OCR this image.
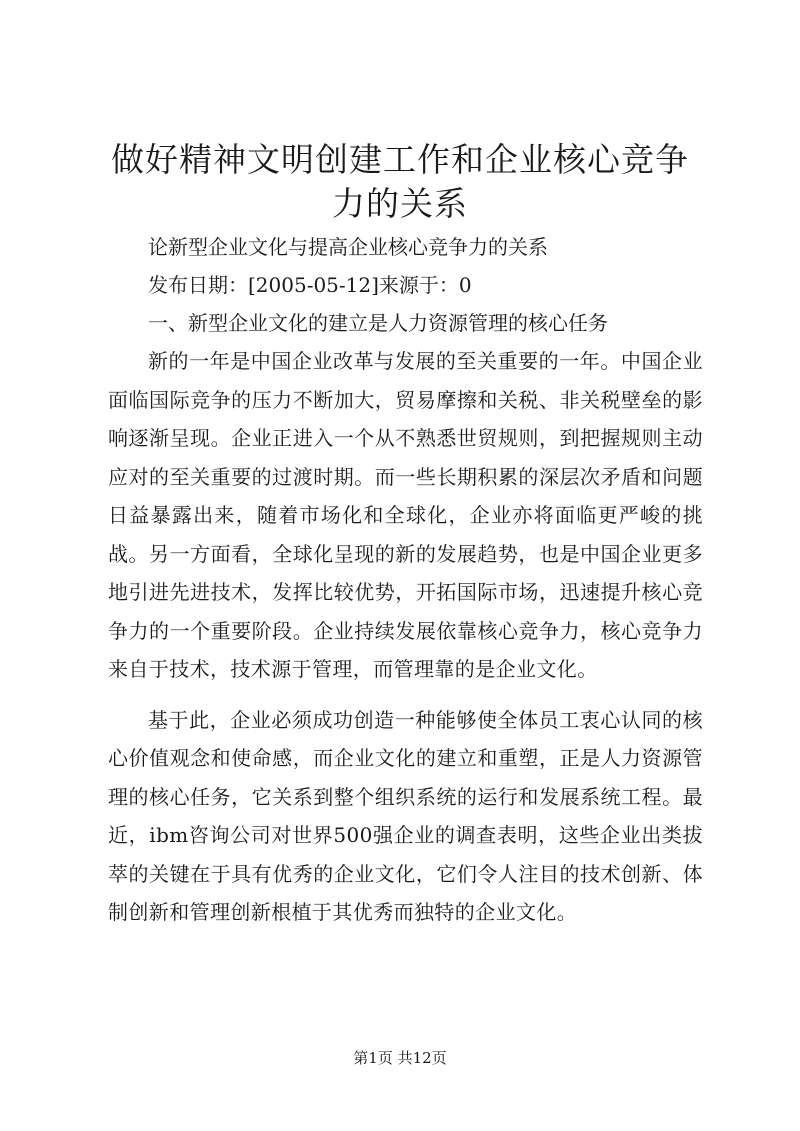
做好精神文明创建工作和企业核心竞争力的关系

论新型企业文化与提高企业核心竞争力的关系

发布日期：[2005-05-12]来源于：0

一、新型企业文化的建立是人力资源管理的核心任务

新的一年是中国企业改革与发展的至关重要的一年。中国企业面临国际竞争的压力不断加大，贸易摩擦和关税、非关税壁垒的影响逐渐呈现。企业正进入一个从不熟悉世贸规则，到把握规则主动应对的至关重要的过渡时期。而一些长期积累的深层次矛盾和问题日益暴露出来，随着市场化和全球化，企业亦将面临更严峻的挑战。另一方面看，全球化呈现的新的发展趋势，也是中国企业更多地引进先进技术，发挥比较优势，开拓国际市场，迅速提升核心竞争力的一个重要阶段。企业持续发展依靠核心竞争力，核心竞争力来自于技术，技术源于管理，而管理靠的是企业文化。

基于此，企业必须成功创造一种能够使全体员工衷心认同的核心价值观念和使命感，而企业文化的建立和重塑，正是人力资源管理的核心任务，它关系到整个组织系统的运行和发展系统工程。最近，ibm咨询公司对世界500强企业的调查表明，这些企业出类拔萃的关键在于具有优秀的企业文化，它们令人注目的技术创新、体制创新和管理创新根植于其优秀而独特的企业文化。

第1页 共12页
